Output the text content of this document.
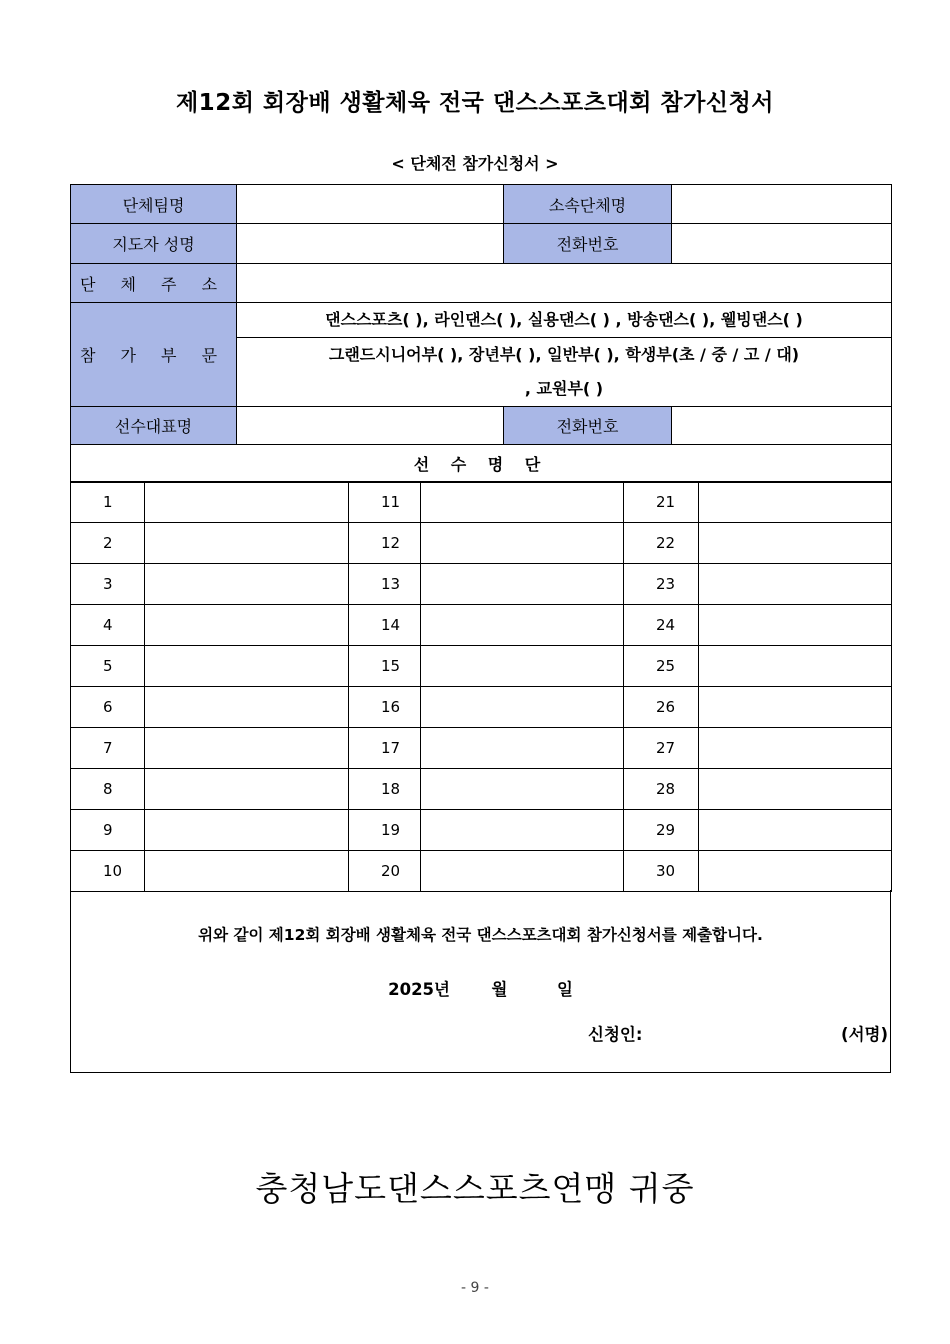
제12회 회장배 생활체육 전국 댄스스포츠대회 참가신청서
< 단체전 참가신청서 >
단체팀명		소속단체명	
지도자 성명		전화번호	
단 체 주 소			
참 가 부 문	댄스스포츠( ), 라인댄스( ), 실용댄스( ) , 방송댄스( ), 웰빙댄스( )
그랜드시니어부( ), 장년부( ), 일반부( ), 학생부(초 / 중 / 고 / 대)
, 교원부( )		

선수대표명		전화번호	
선 수 명 단			
1		11		21	
2		12		22	
3		13		23	
4		14		24	
5		15		25	
6		16		26	
7		17		27	
8		18		28	
9		19		29	
10		20		30	
위와 같이 제12회 회장배 생활체육 전국 댄스스포츠대회 참가신청서를 제출합니다.
2025년	월	일
신청인:	(서명)
충청남도댄스스포츠연맹 귀중
- 9 -
